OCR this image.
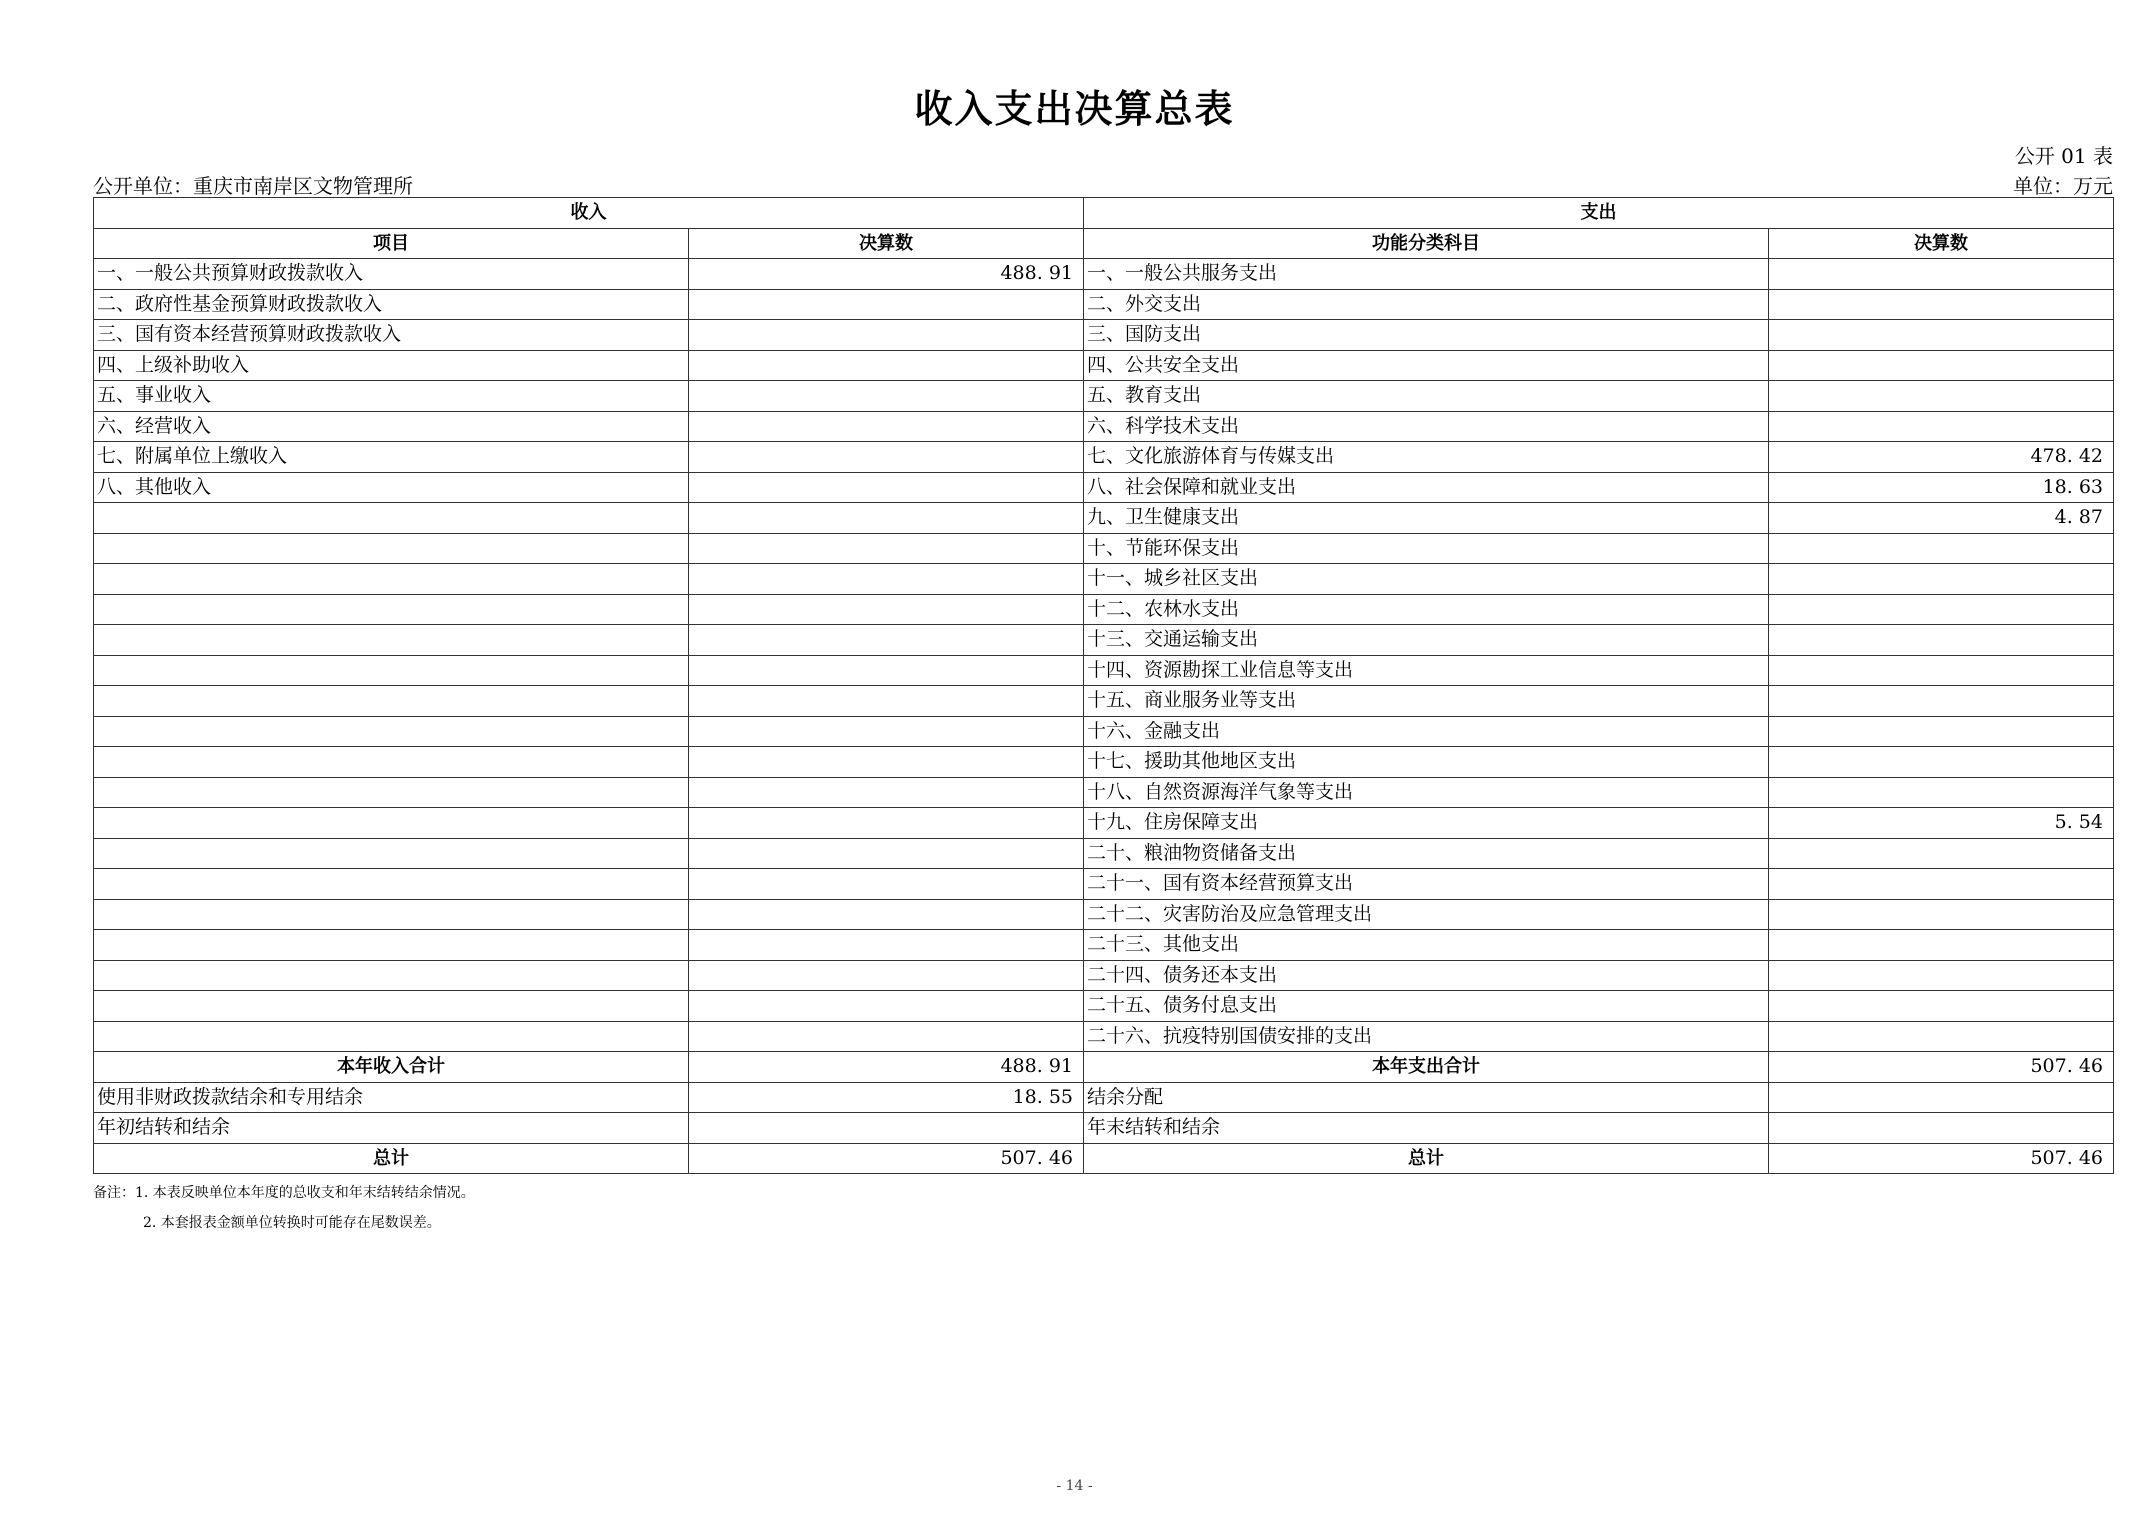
收入支出决算总表
公开 01 表
公开单位：重庆市南岸区文物管理所	单位：万元
收入		支出	
项目	决算数	功能分类科目	决算数
一、一般公共预算财政拨款收入	488. 91	一、一般公共服务支出	
二、政府性基金预算财政拨款收入		二、外交支出	
三、国有资本经营预算财政拨款收入		三、国防支出	
四、上级补助收入		四、公共安全支出	
五、事业收入		五、教育支出	
六、经营收入		六、科学技术支出	
七、附属单位上缴收入		七、文化旅游体育与传媒支出	478. 42
八、其他收入		八、社会保障和就业支出	18. 63
		九、卫生健康支出	4. 87
		十、节能环保支出	
		十一、城乡社区支出	
		十二、农林水支出	
		十三、交通运输支出	
		十四、资源勘探工业信息等支出	
		十五、商业服务业等支出	
		十六、金融支出	
		十七、援助其他地区支出	
		十八、自然资源海洋气象等支出	
		十九、住房保障支出	5. 54
		二十、粮油物资储备支出	
		二十一、国有资本经营预算支出	
		二十二、灾害防治及应急管理支出	
		二十三、其他支出	
		二十四、债务还本支出	
		二十五、债务付息支出	
		二十六、抗疫特别国债安排的支出	
本年收入合计	488. 91	本年支出合计	507. 46
使用非财政拨款结余和专用结余	18. 55	结余分配	
年初结转和结余		年末结转和结余	
总计	507. 46	总计	507. 46
备注：1. 本表反映单位本年度的总收支和年末结转结余情况。
2. 本套报表金额单位转换时可能存在尾数误差。
- 14 -
